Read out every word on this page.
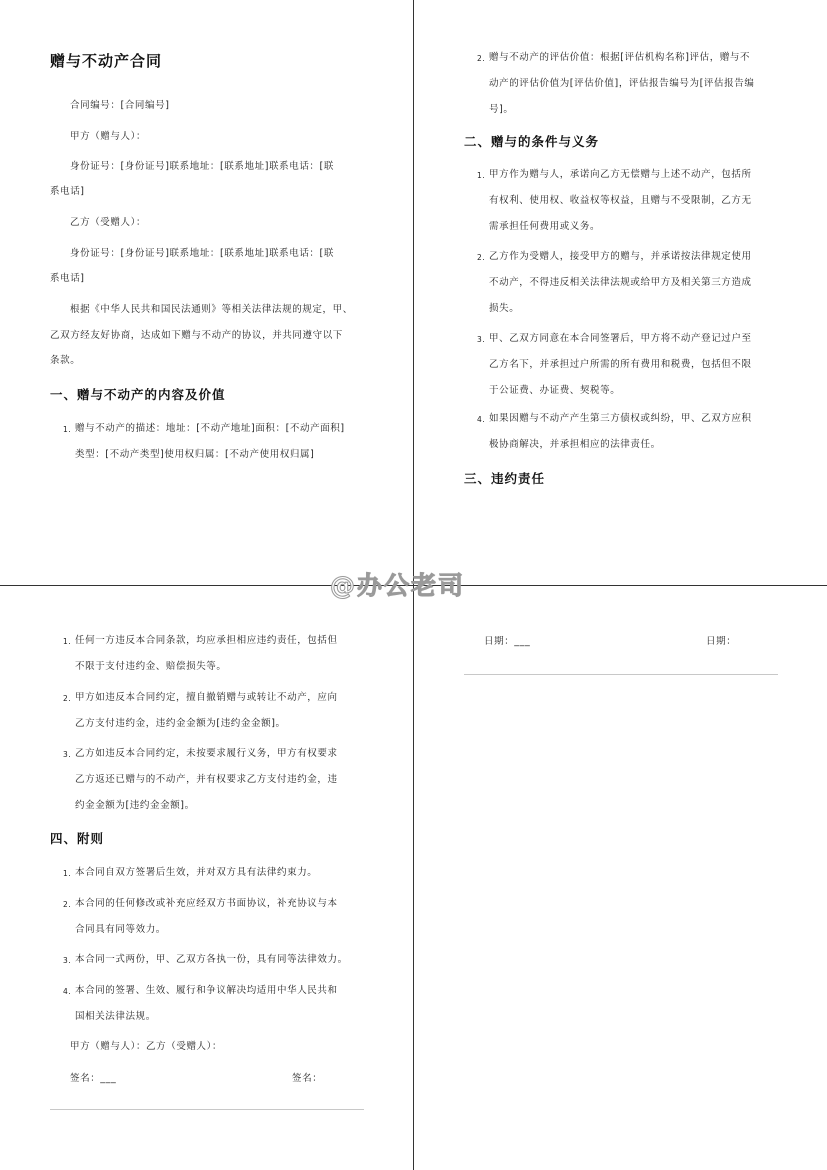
赠与不动产合同
合同编号：[合同编号]
甲方（赠与人）：
身份证号：[身份证号]联系地址：[联系地址]联系电话：[联
系电话]
乙方（受赠人）：
身份证号：[身份证号]联系地址：[联系地址]联系电话：[联
系电话]
根据《中华人民共和国民法通则》等相关法律法规的规定，甲、
乙双方经友好协商，达成如下赠与不动产的协议，并共同遵守以下
条款。
一、赠与不动产的内容及价值
1. 赠与不动产的描述：地址：[不动产地址]面积：[不动产面积]
类型：[不动产类型]使用权归属：[不动产使用权归属]
2. 赠与不动产的评估价值：根据[评估机构名称]评估，赠与不
动产的评估价值为[评估价值]，评估报告编号为[评估报告编
号]。
二、赠与的条件与义务
1. 甲方作为赠与人，承诺向乙方无偿赠与上述不动产，包括所
有权利、使用权、收益权等权益，且赠与不受限制，乙方无
需承担任何费用或义务。
2. 乙方作为受赠人，接受甲方的赠与，并承诺按法律规定使用
不动产，不得违反相关法律法规或给甲方及相关第三方造成
损失。
3. 甲、乙双方同意在本合同签署后，甲方将不动产登记过户至
乙方名下，并承担过户所需的所有费用和税费，包括但不限
于公证费、办证费、契税等。
4. 如果因赠与不动产产生第三方债权或纠纷，甲、乙双方应积
极协商解决，并承担相应的法律责任。
三、违约责任
1. 任何一方违反本合同条款，均应承担相应违约责任，包括但
不限于支付违约金、赔偿损失等。
2. 甲方如违反本合同约定，擅自撤销赠与或转让不动产，应向
乙方支付违约金，违约金金额为[违约金金额]。
3. 乙方如违反本合同约定，未按要求履行义务，甲方有权要求
乙方返还已赠与的不动产，并有权要求乙方支付违约金，违
约金金额为[违约金金额]。
四、附则
1. 本合同自双方签署后生效，并对双方具有法律约束力。
2. 本合同的任何修改或补充应经双方书面协议，补充协议与本
合同具有同等效力。
3. 本合同一式两份，甲、乙双方各执一份，具有同等法律效力。
4. 本合同的签署、生效、履行和争议解决均适用中华人民共和
国相关法律法规。
甲方（赠与人）：乙方（受赠人）：
签名：___	签名：
日期：___	日期：
@办公老司
